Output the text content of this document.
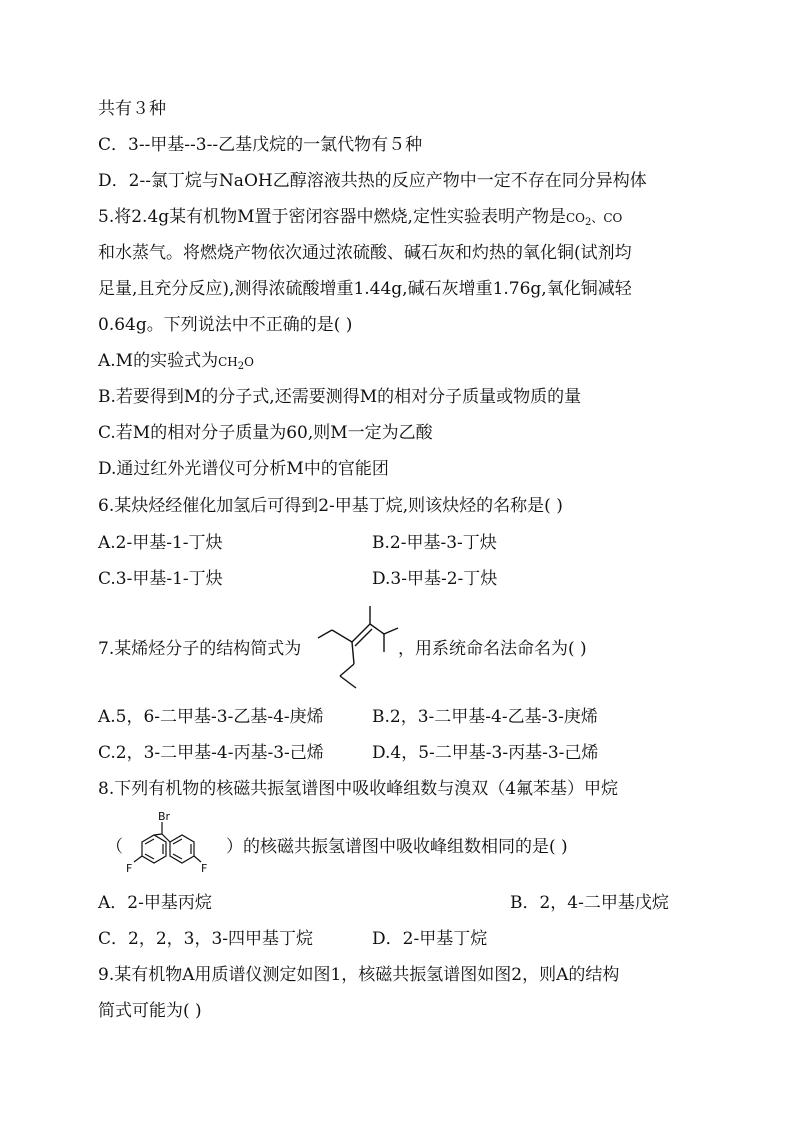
共有３种
C．3--甲基--3--乙基戊烷的一氯代物有５种
D．2--氯丁烷与NaOH乙醇溶液共热的反应产物中一定不存在同分异构体
5.将2.4g某有机物M置于密闭容器中燃烧,定性实验表明产物是$CO_2$、CO
和水蒸气。将燃烧产物依次通过浓硫酸、碱石灰和灼热的氧化铜(试剂均
足量,且充分反应),测得浓硫酸增重1.44g,碱石灰增重1.76g,氧化铜减轻
0.64g。下列说法中不正确的是( )
A.M的实验式为$CH_2O$
B.若要得到M的分子式,还需要测得M的相对分子质量或物质的量
C.若M的相对分子质量为60,则M一定为乙酸
D.通过红外光谱仪可分析M中的官能团
6.某炔烃经催化加氢后可得到2-甲基丁烷,则该炔烃的名称是( )
A.2-甲基-1-丁炔	B.2-甲基-3-丁炔
C.3-甲基-1-丁炔	D.3-甲基-2-丁炔
7.某烯烃分子的结构简式为	，用系统命名法命名为( )
A.5，6-二甲基-3-乙基-4-庚烯	B.2，3-二甲基-4-乙基-3-庚烯
C.2，3-二甲基-4-丙基-3-己烯	D.4，5-二甲基-3-丙基-3-己烯
8.下列有机物的核磁共振氢谱图中吸收峰组数与溴双（4氟苯基）甲烷
（
Br
F	F
）的核磁共振氢谱图中吸收峰组数相同的是( )
A．2-甲基丙烷	B．2，4-二甲基戊烷
C．2，2，3，3-四甲基丁烷	D．2-甲基丁烷
9.某有机物A用质谱仪测定如图1，核磁共振氢谱图如图2，则A的结构
简式可能为( )
